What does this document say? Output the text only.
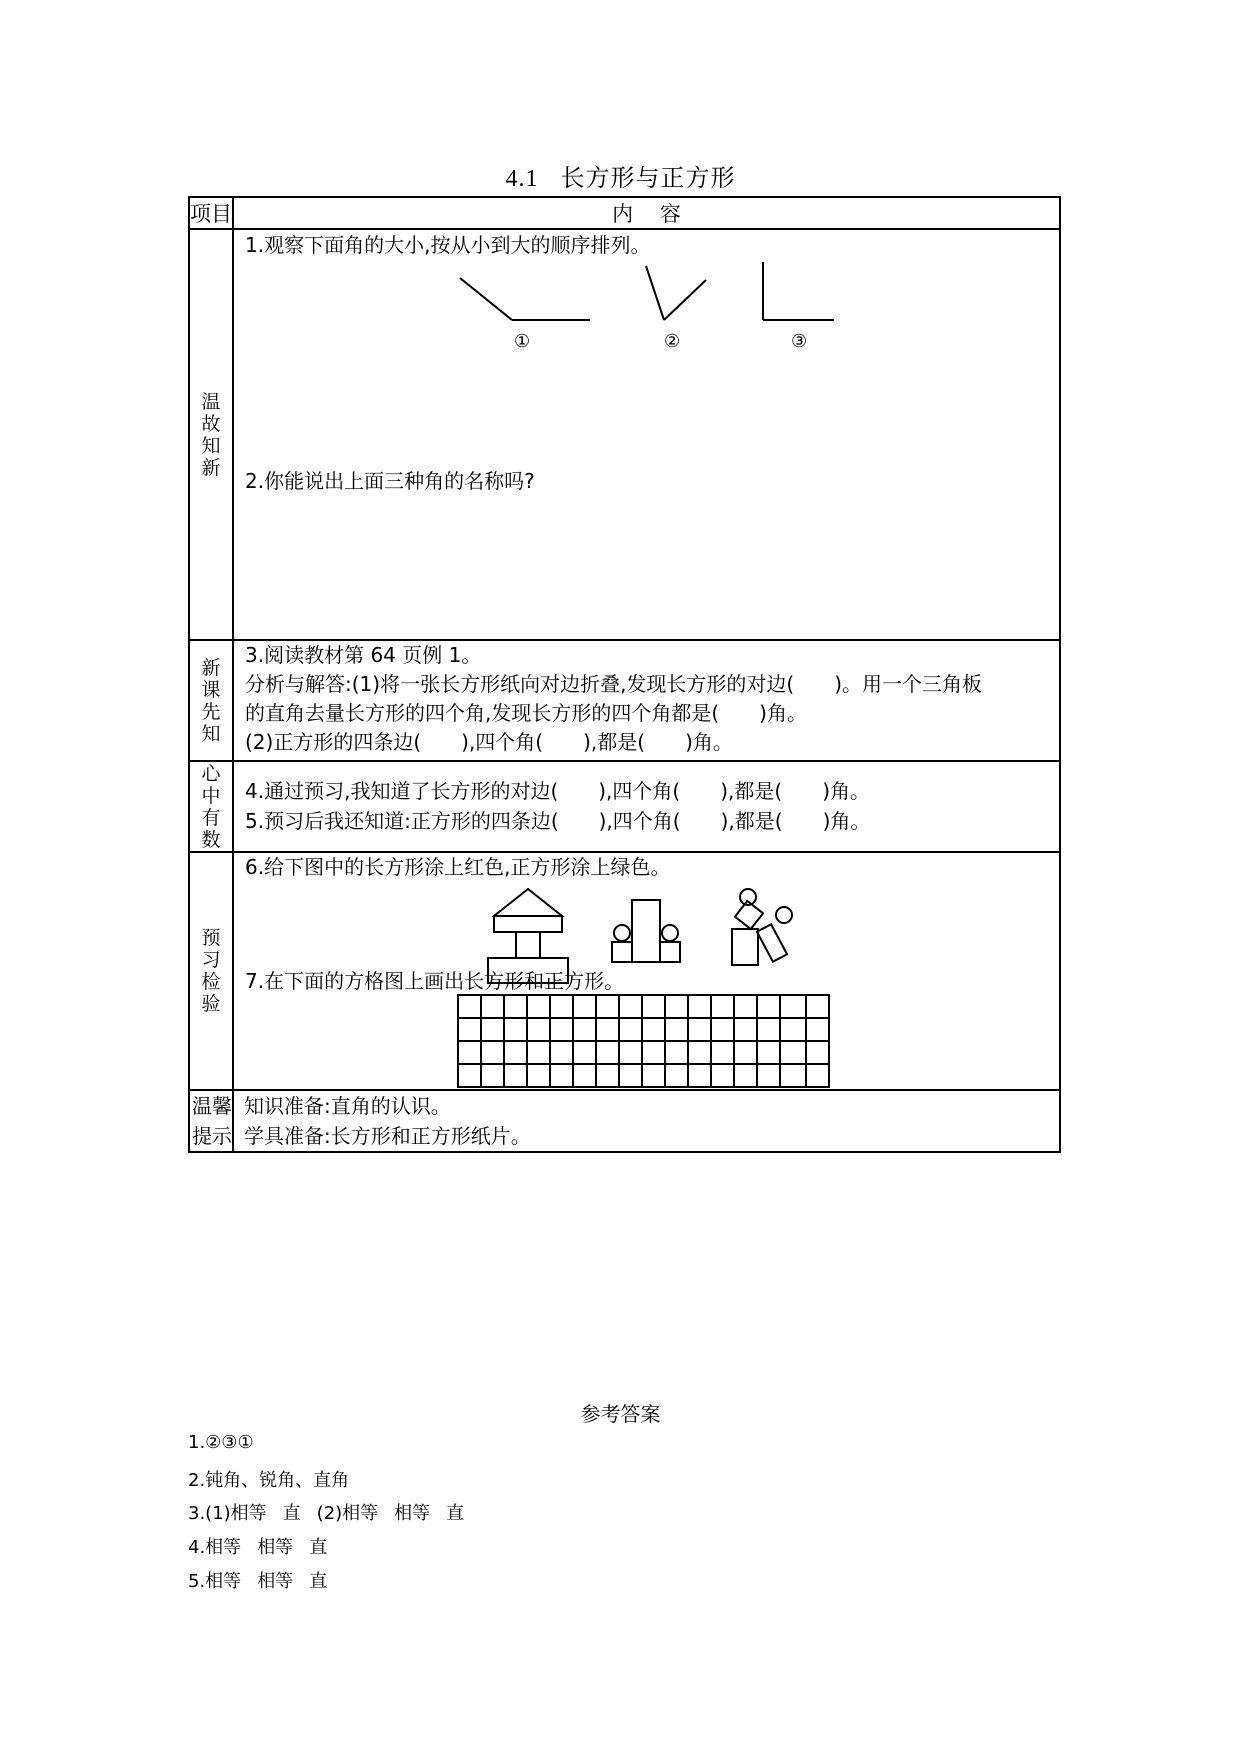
4.1 长方形与正方形
项目	内    容
温故知新	1.观察下面角的大小,按从小到大的顺序排列。
① ② ③
2.你能说出上面三种角的名称吗?

新课先知	3.阅读教材第 64 页例 1。
分析与解答:(1)将一张长方形纸向对边折叠,发现长方形的对边( )。用一个三角板
的直角去量长方形的四个角,发现长方形的四个角都是( )角。
(2)正方形的四条边( ),四个角( ),都是( )角。

心中有数	4.通过预习,我知道了长方形的对边( ),四个角( ),都是( )角。
5.预习后我还知道:正方形的四条边( ),四个角( ),都是( )角。

预习检验	6.给下图中的长方形涂上红色,正方形涂上绿色。
7.在下面的方格图上画出长方形和正方形。

温馨提示	知识准备:直角的认识。
学具准备:长方形和正方形纸片。
参考答案
1.②③①
2.钝角、锐角、直角
3.(1)相等 直 (2)相等 相等 直
4.相等 相等 直
5.相等 相等 直
